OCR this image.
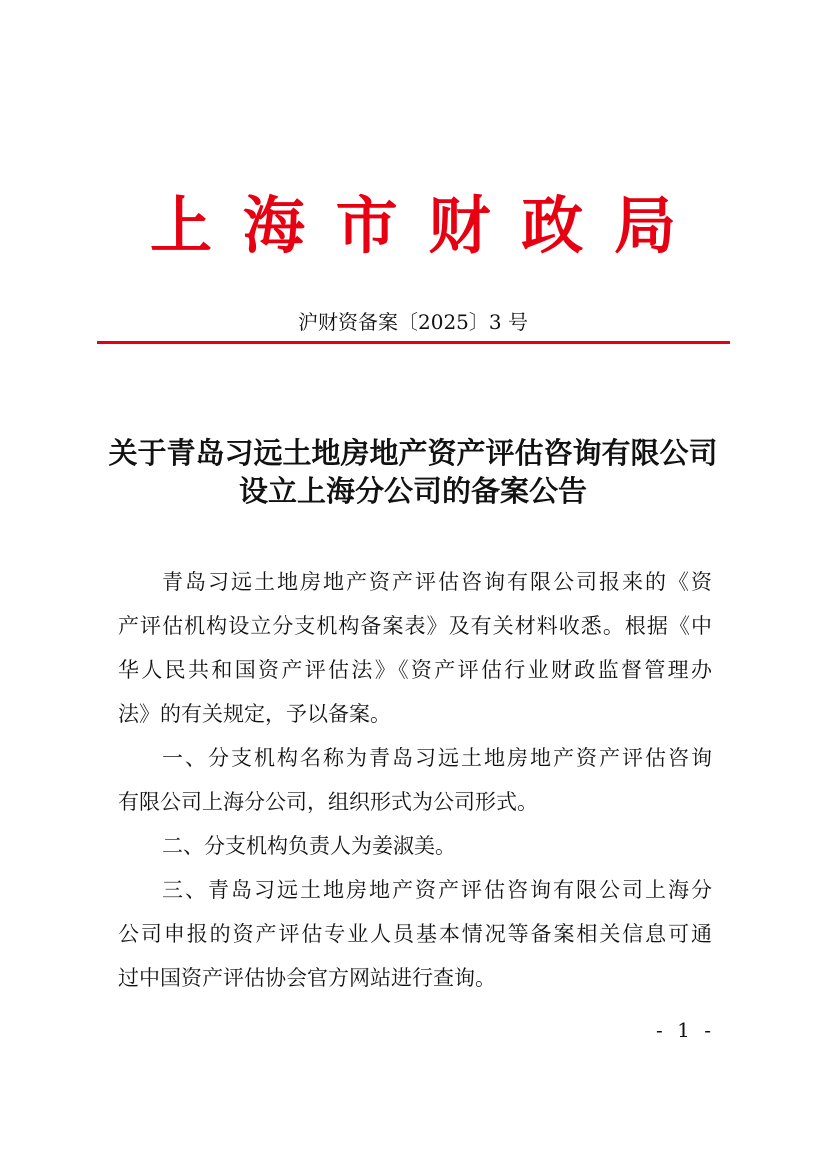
上 海 市 财 政 局
沪财资备案〔2025〕3 号
关于青岛习远土地房地产资产评估咨询有限公司
设立上海分公司的备案公告
青岛习远土地房地产资产评估咨询有限公司报来的《资
产评估机构设立分支机构备案表》及有关材料收悉。根据《中
华人民共和国资产评估法》《资产评估行业财政监督管理办
法》的有关规定，予以备案。
一、分支机构名称为青岛习远土地房地产资产评估咨询
有限公司上海分公司，组织形式为公司形式。
二、分支机构负责人为姜淑美。
三、青岛习远土地房地产资产评估咨询有限公司上海分
公司申报的资产评估专业人员基本情况等备案相关信息可通
过中国资产评估协会官方网站进行查询。
- 1 -
